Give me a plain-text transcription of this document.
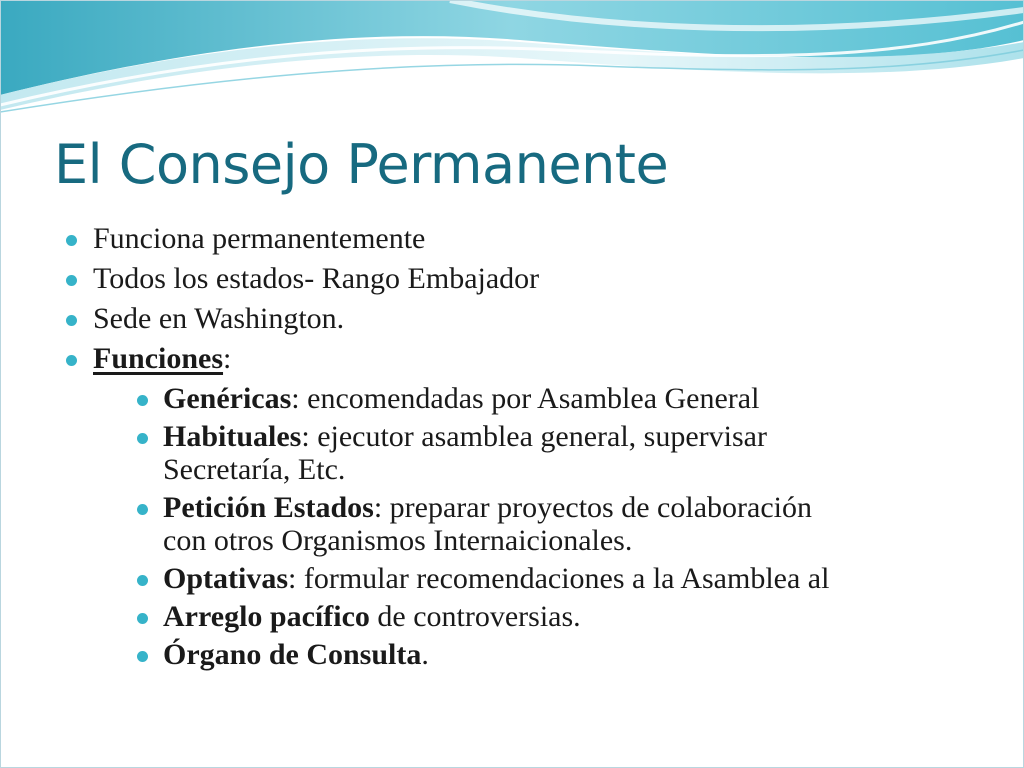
El Consejo Permanente
Funciona permanentemente
Todos los estados- Rango Embajador
Sede en Washington.
Funciones:
Genéricas: encomendadas por Asamblea General
Habituales: ejecutor asamblea general, supervisar
Secretaría, Etc.
Petición Estados: preparar proyectos de colaboración
con otros Organismos Internaicionales.
Optativas: formular recomendaciones a la Asamblea al
Arreglo pacífico de controversias.
Órgano de Consulta.
